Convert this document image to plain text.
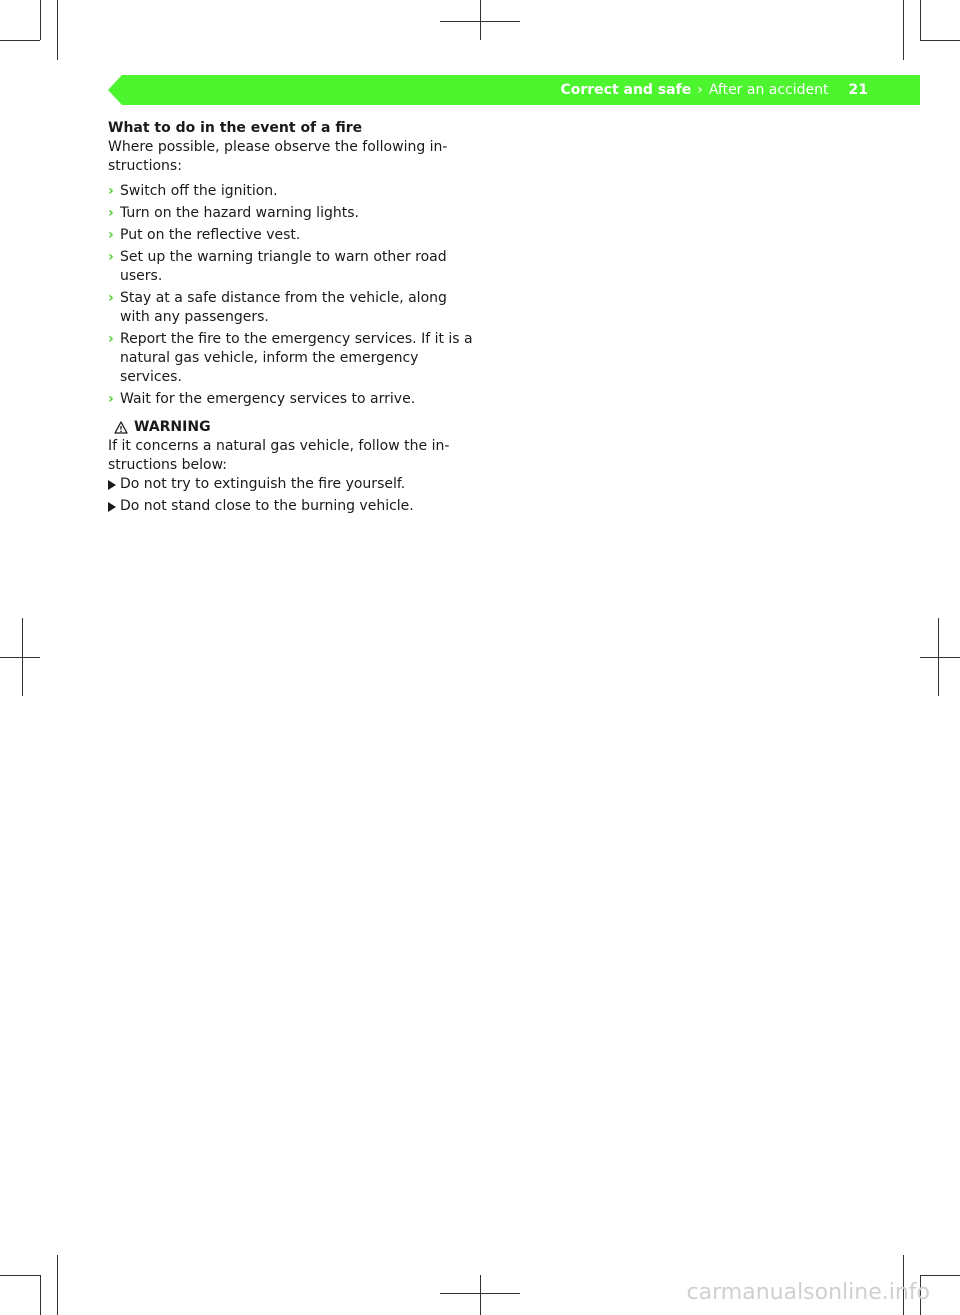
Correct and safe › After an accident 21

What to do in the event of a fire

Where possible, please observe the following in-structions:

› Switch off the ignition.
› Turn on the hazard warning lights.
› Put on the reflective vest.
› Set up the warning triangle to warn other road users.
› Stay at a safe distance from the vehicle, along with any passengers.
› Report the fire to the emergency services. If it is a natural gas vehicle, inform the emergency services.
› Wait for the emergency services to arrive.
WARNING

If it concerns a natural gas vehicle, follow the in-structions below:

Do not try to extinguish the fire yourself.
Do not stand close to the burning vehicle.
carmanualsonline.info
